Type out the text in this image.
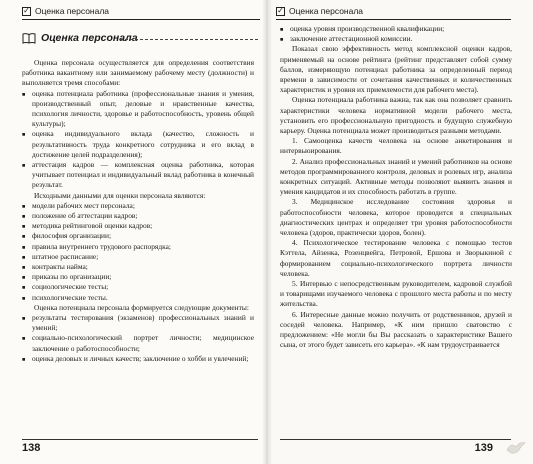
✓ Оценка персонала
Оценка персонала

Оценка персонала осуществляется для определения соответствия работника вакантному или занимаемому рабочему месту (должности) и выполняется тремя способами:

■ оценка потенциала работника (профессиональные знания и умения, производственный опыт, деловые и нравственные качества, психология личности, здоровье и работоспособность, уровень общей культуры);

■ оценка индивидуального вклада (качество, сложность и результативность труда конкретного сотрудника и его вклад в достижение целей подразделения);

■ аттестация кадров — комплексная оценка работника, которая учитывает потенциал и индивидуальный вклад работника в конечный результат.

Исходными данными для оценки персонала являются:

■ модели рабочих мест персонала;

■ положение об аттестации кадров;

■ методика рейтинговой оценки кадров;

■ философия организации;

■ правила внутреннего трудового распорядка;

■ штатное расписание;

■ контракты найма;

■ приказы по организации;

■ социологические тесты;

■ психологические тесты.

Оценка потенциала персонала формируется следующие документы:

■ результаты тестирования (экзаменов) профессиональных знаний и умений;

■ социально-психологический портрет личности; медицинское заключение о работоспособности;

■ оценка деловых и личных качеств; заключение о хобби и увлечений;

138
✓ Оценка персонала

■ оценка уровня производственной квалификации;

■ заключение аттестационной комиссии.

Показал свою эффективность метод комплексной оценки кадров, применяемый на основе рейтинга (рейтинг представляет собой сумму баллов, измеряющую потенциал работника за определенный период времени в зависимости от сочетания качественных и количественных характеристик и уровня их приемлемости для рабочего места).

Оценка потенциала работника важна, так как она позволяет сравнить характеристики человека нормативной модели рабочего места, установить его профессиональную пригодность и будущую служебную карьеру. Оценка потенциала может производиться разными методами.

1. Самооценка качеств человека на основе анкетирования и интервьюирования.

2. Анализ профессиональных знаний и умений работников на основе методов программированного контроля, деловых и ролевых игр, анализа конкретных ситуаций. Активные методы позволяют выявить знания и умения кандидатов и их способность работать в группе.

3. Медицинское исследование состояния здоровья и работоспособности человека, которое проводится в специальных диагностических центрах и определяет три уровня работоспособности человека (здоров, практически здоров, болен).

4. Психологическое тестирование человека с помощью тестов Кэттела, Айзенка, Розенцвейга, Петровой, Ершова и Зворыкиной с формированием социально-психологического портрета личности человека.

5. Интервью с непосредственным руководителем, кадровой службой и товарищами изучаемого человека с прошлого места работы и по месту жительства.

6. Интересные данные можно получить от родственников, друзей и соседей человека. Например, «К ним пришло сватовство с предложением: «Не могли бы Вы рассказать о характеристике Вашего сына, от этого будет зависеть его карьера». «К нам трудоустраивается

139
